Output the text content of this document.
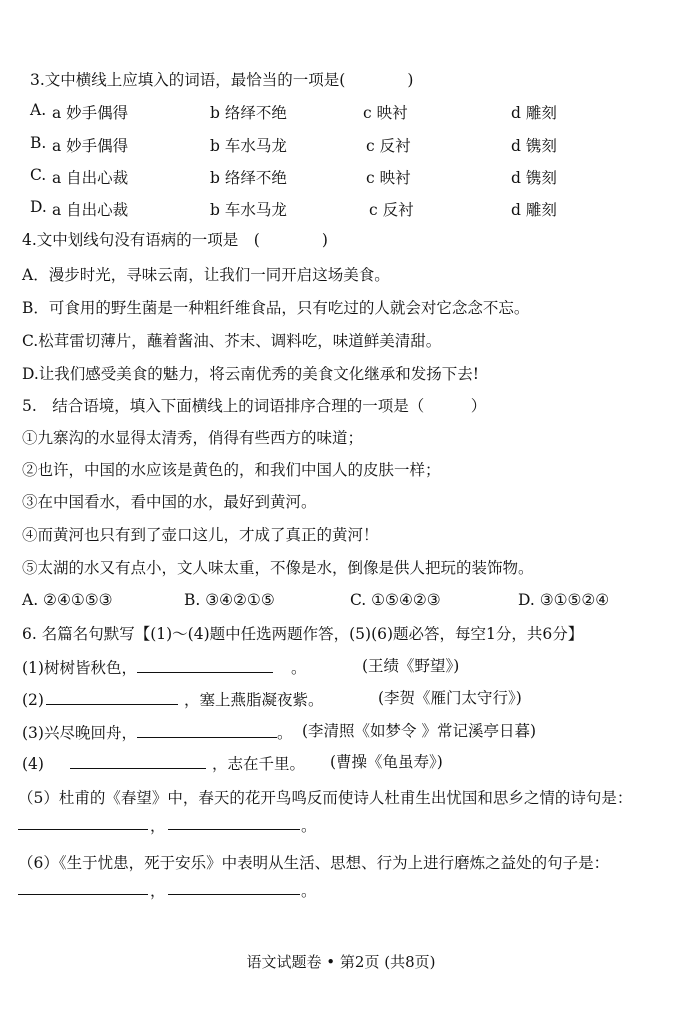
3.文中横线上应填入的词语，最恰当的一项是(　　　　)
A. a 妙手偶得	b 络绎不绝	c 映衬	d 雕刻
B. a 妙手偶得	b 车水马龙	c 反衬	d 镌刻
C. a 自出心裁	b 络绎不绝	c 映衬	d 镌刻
D. a 自出心裁	b 车水马龙	c 反衬	d 雕刻
4.文中划线句没有语病的一项是　(　　　　)
A．漫步时光，寻味云南，让我们一同开启这场美食。
B．可食用的野生菌是一种粗纤维食品，只有吃过的人就会对它念念不忘。
C.松茸雷切薄片，蘸着酱油、芥末、调料吃，味道鲜美清甜。
D.让我们感受美食的魅力，将云南优秀的美食文化继承和发扬下去!
5.　结合语境，填入下面横线上的词语排序合理的一项是（　　　）
①九寨沟的水显得太清秀，俏得有些西方的味道；
②也许，中国的水应该是黄色的，和我们中国人的皮肤一样；
③在中国看水，看中国的水，最好到黄河。
④而黄河也只有到了壶口这儿，才成了真正的黄河！
⑤太湖的水又有点小，文人味太重，不像是水，倒像是供人把玩的装饰物。
A. ②④①⑤③	B. ③④②①⑤	C. ①⑤④②③	D. ③①⑤②④
6. 名篇名句默写【(1)～(4)题中任选两题作答，(5)(6)题必答，每空1分，共6分】
(1)树树皆秋色，	。	(王绩《野望》)
(2)	，塞上燕脂凝夜紫。	(李贺《雁门太守行》)
(3)兴尽晚回舟，	。 (李清照《如梦令 》常记溪亭日暮)
(4)	，志在千里。 (曹操《龟虽寿》)
（5）杜甫的《春望》中，春天的花开鸟鸣反而使诗人杜甫生出忧国和思乡之情的诗句是：
，	。
（6）《生于忧患，死于安乐》中表明从生活、思想、行为上进行磨炼之益处的句子是：
，	。
语文试题卷 • 第2页 (共8页)
